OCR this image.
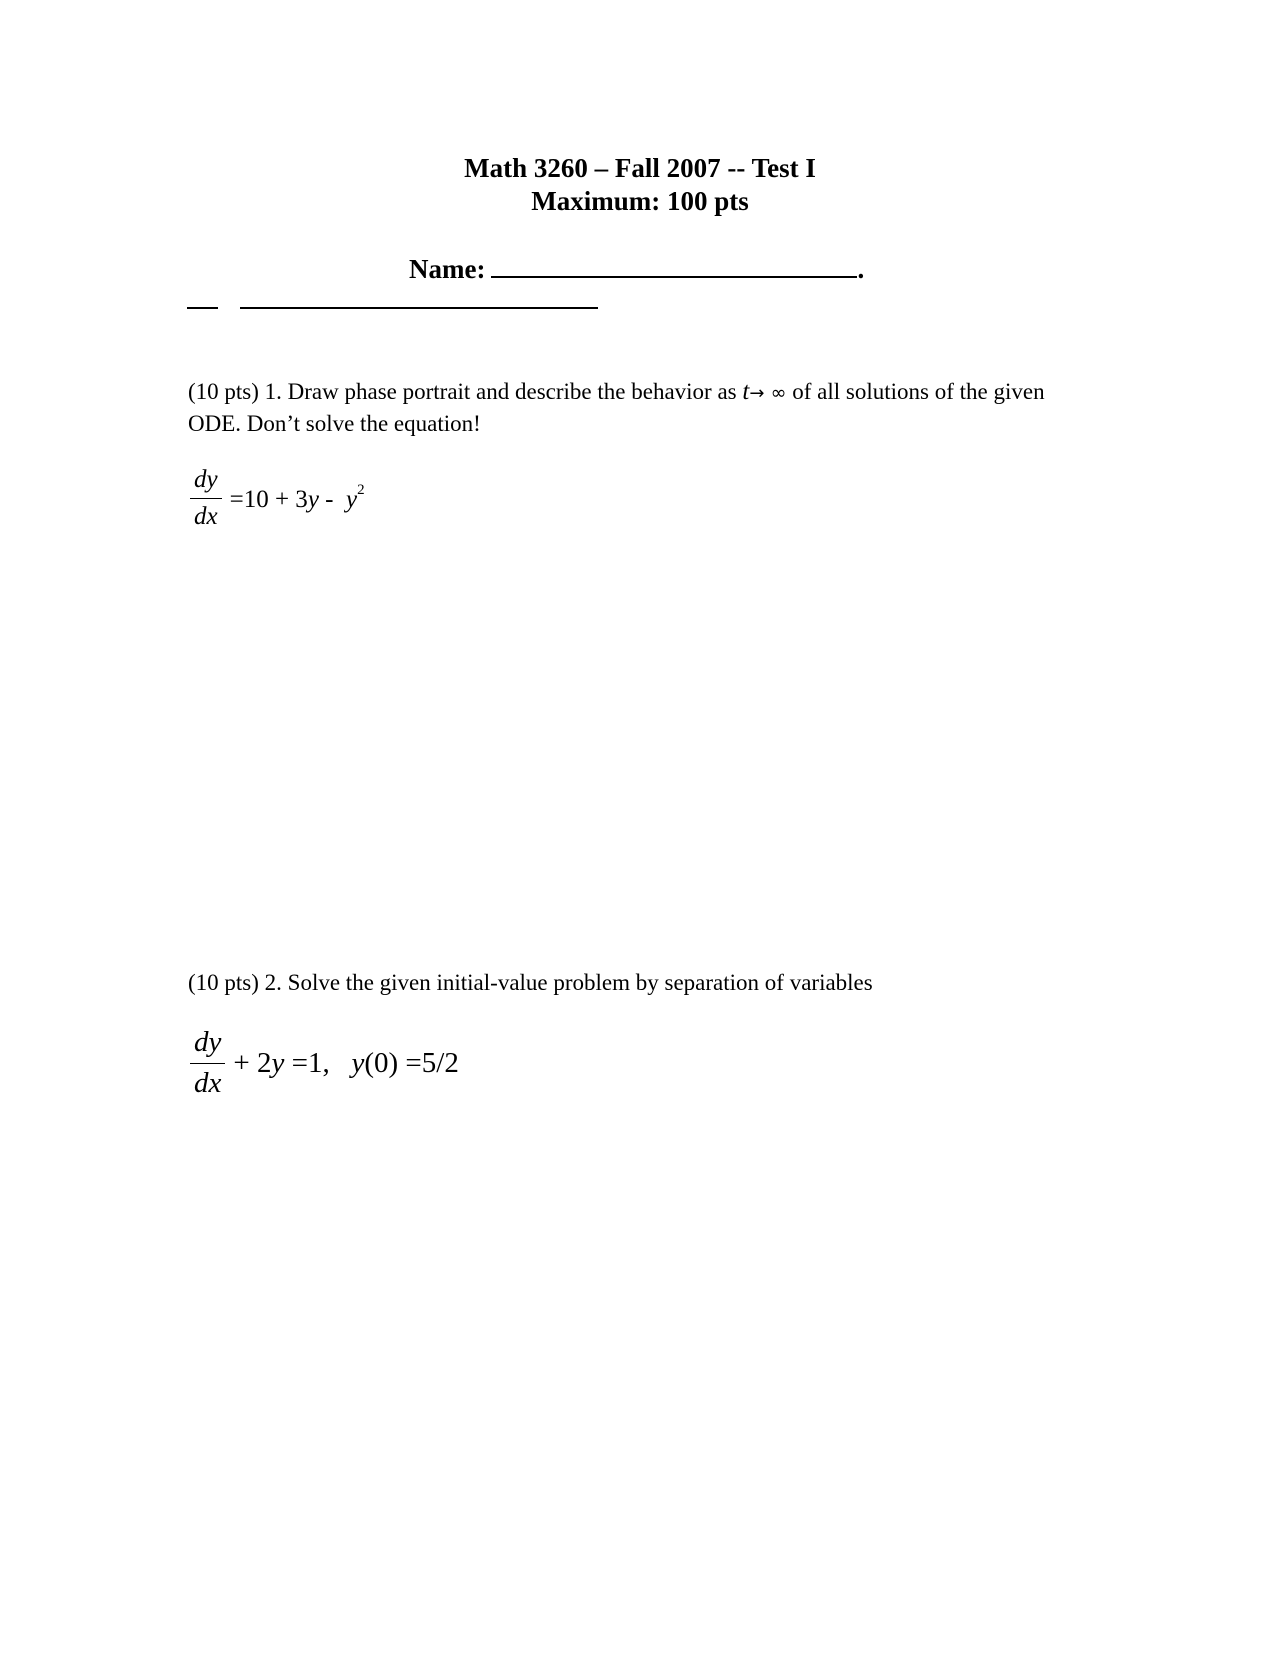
Math 3260 – Fall 2007 -- Test I
Maximum: 100 pts
Name:	.
(10 pts) 1. Draw phase portrait and describe the behavior as t→ ∞ of all solutions of the given ODE. Don’t solve the equation!
$\frac{dy}{dx} =10 + 3y - y^2$
(10 pts) 2. Solve the given initial-value problem by separation of variables
$\frac{dy}{dx} + 2y =1$,   y(0) =5/2
